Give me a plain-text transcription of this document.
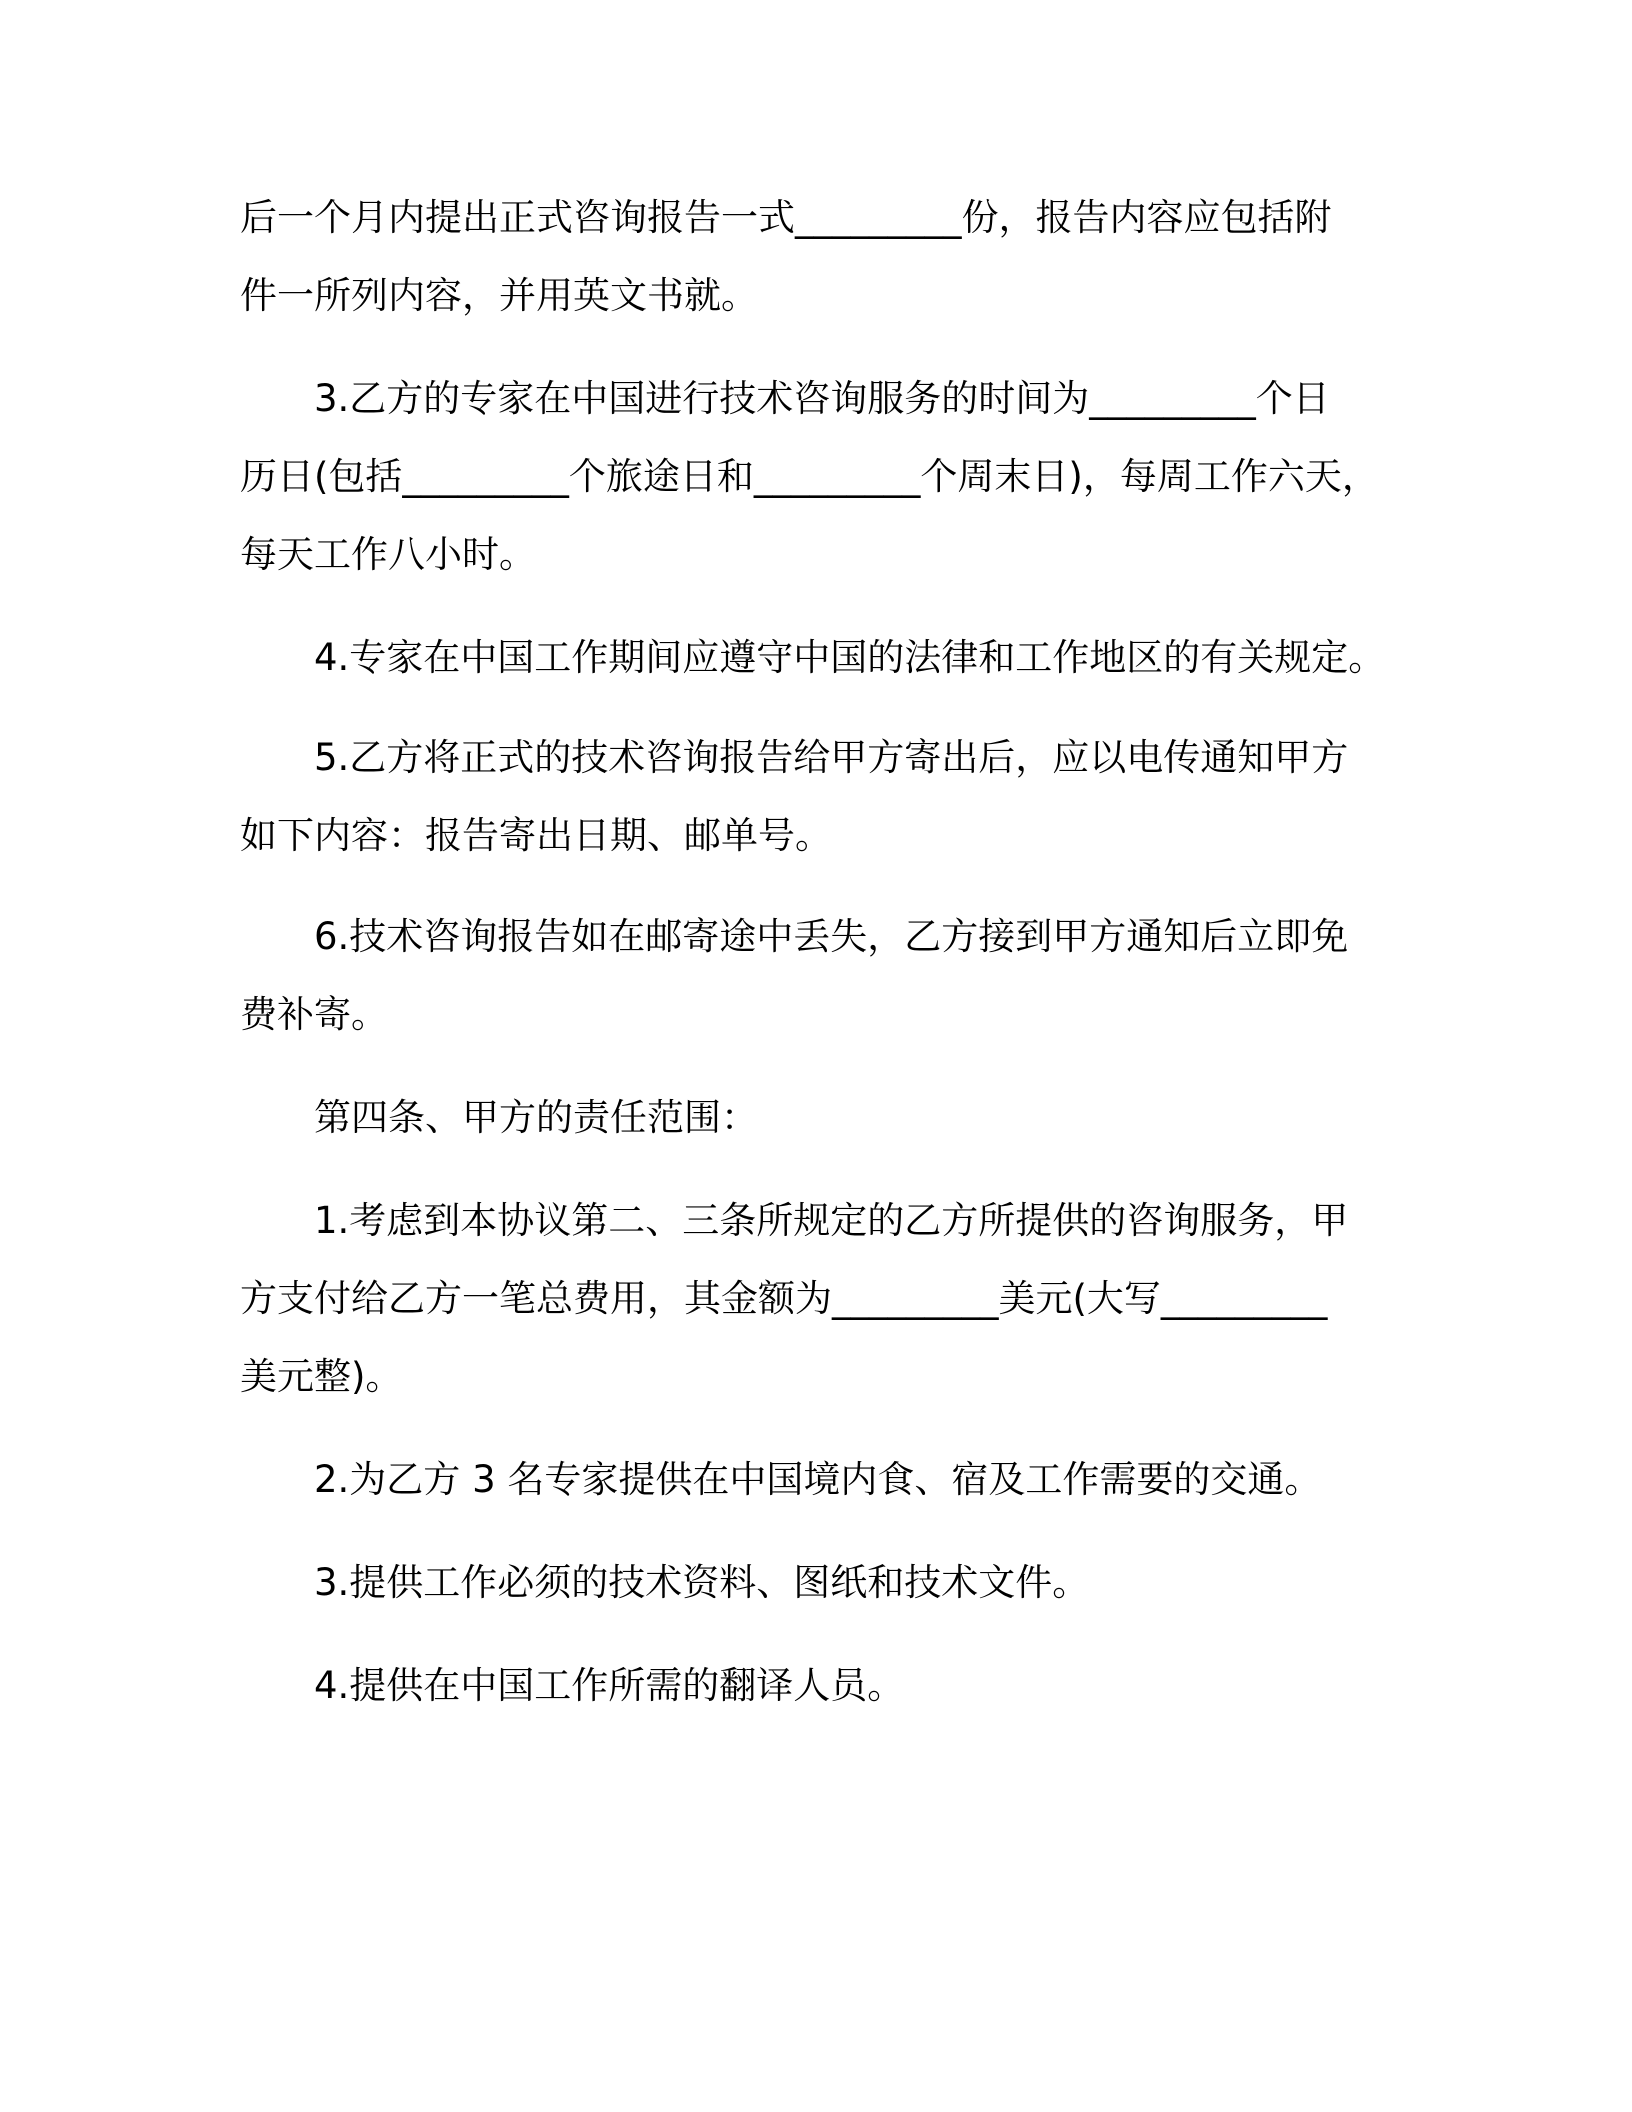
后一个月内提出正式咨询报告一式_________份，报告内容应包括附
件一所列内容，并用英文书就。
3.乙方的专家在中国进行技术咨询服务的时间为_________个日
历日(包括_________个旅途日和_________个周末日)，每周工作六天，
每天工作八小时。
4.专家在中国工作期间应遵守中国的法律和工作地区的有关规定。
5.乙方将正式的技术咨询报告给甲方寄出后，应以电传通知甲方
如下内容：报告寄出日期、邮单号。
6.技术咨询报告如在邮寄途中丢失，乙方接到甲方通知后立即免
费补寄。
第四条、甲方的责任范围：
1.考虑到本协议第二、三条所规定的乙方所提供的咨询服务，甲
方支付给乙方一笔总费用，其金额为_________美元(大写_________
美元整)。
2.为乙方 3 名专家提供在中国境内食、宿及工作需要的交通。
3.提供工作必须的技术资料、图纸和技术文件。
4.提供在中国工作所需的翻译人员。
